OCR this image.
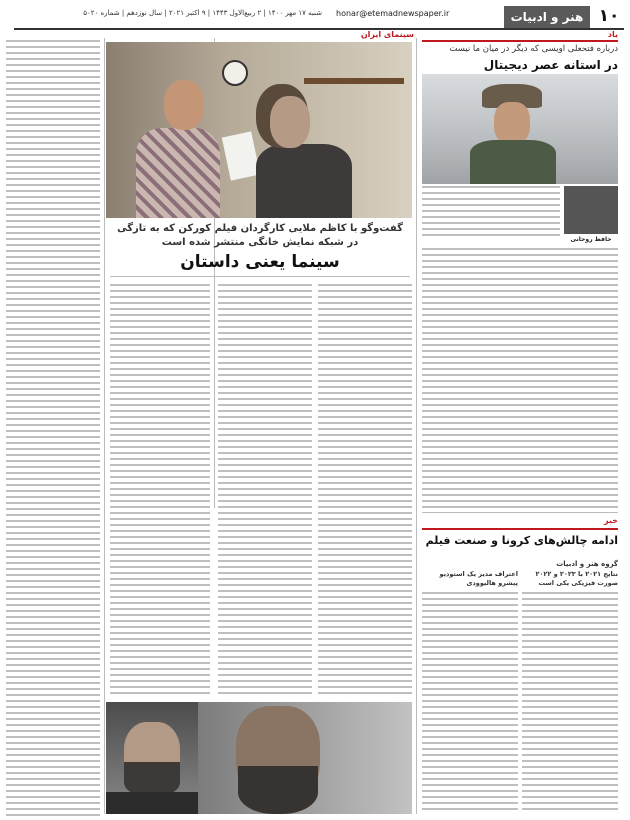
۱۰
هنر و ادبیات
honar@etemadnewspaper.ir
شنبه ۱۷ مهر ۱۴۰۰ | ۲ ربیع‌الاول ۱۴۴۳ | ۹ اکتبر ۲۰۲۱ | سال نوزدهم | شماره ۵۰۲۰
یاد
درباره فتحعلی اویسی که دیگر در میان ما نیست
در استانه عصر دیجیتال
حافظ روحانی
سینمای ایران
گفت‌وگو با کاظم ملایی کارگردان فیلم کورکن که به تازگی در شبکه نمایش خانگی منتشر شده است
سینما یعنی داستان
خبر
ادامه چالش‌های کرونا و صنعت فیلم
گروه هنر و ادبیات
اعتراف مدیر یک استودیو پیشرو هالیوودی
نتایج ۲۰۲۱ با ۲۰۲۳ و ۲۰۲۲ صورت فیزیکی یکی است
